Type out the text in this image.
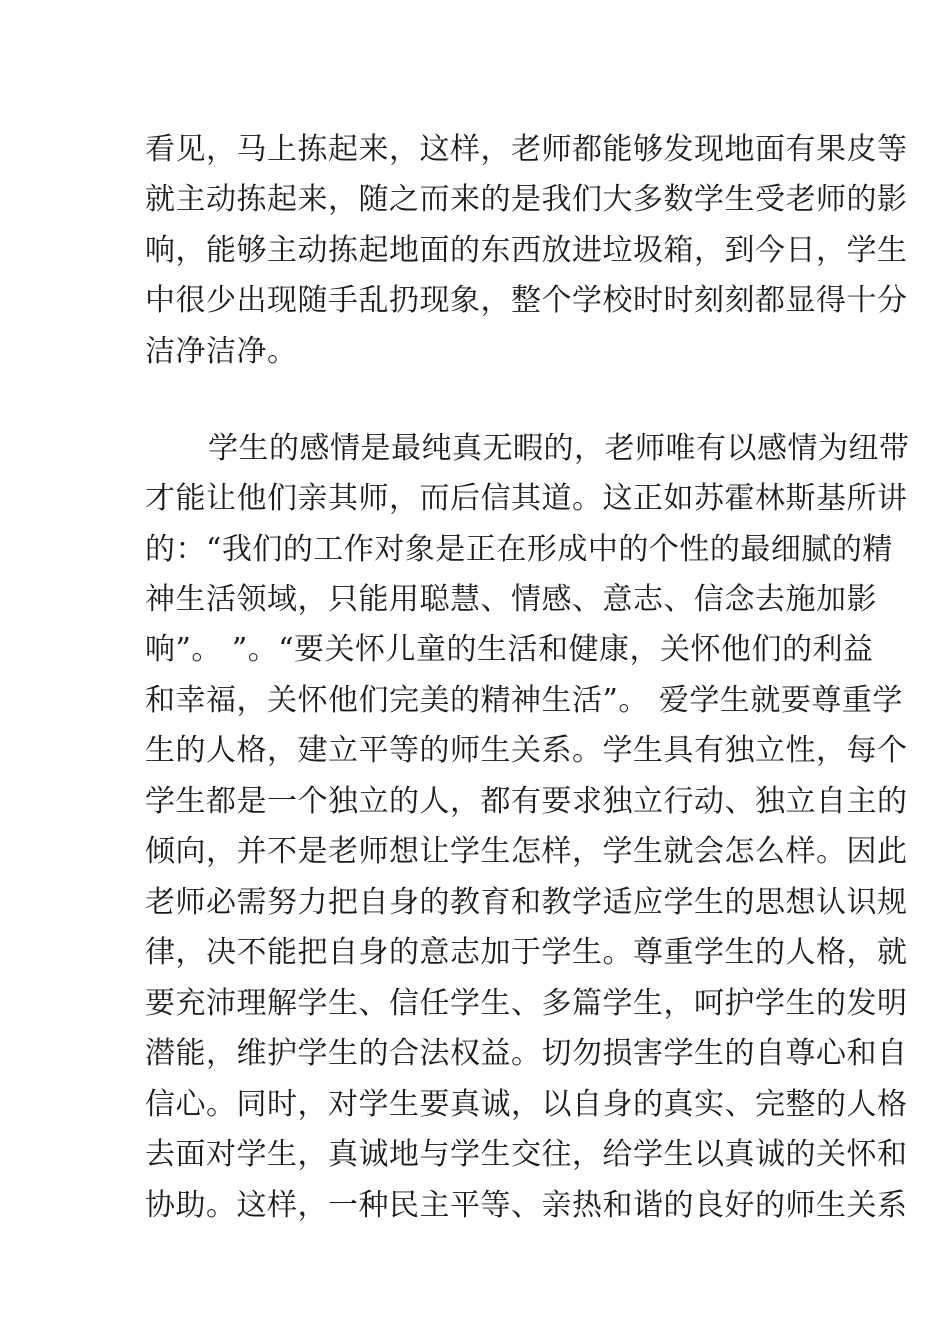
看见，马上拣起来，这样，老师都能够发现地面有果皮等
就主动拣起来，随之而来的是我们大多数学生受老师的影
响，能够主动拣起地面的东西放进垃圾箱，到今日，学生
中很少出现随手乱扔现象，整个学校时时刻刻都显得十分
洁净洁净。
学生的感情是最纯真无暇的，老师唯有以感情为纽带
才能让他们亲其师，而后信其道。这正如苏霍林斯基所讲
的：“我们的工作对象是正在形成中的个性的最细腻的精
神生活领域，只能用聪慧、情感、意志、信念去施加影
响”。 ”。“要关怀儿童的生活和健康，关怀他们的利益
和幸福，关怀他们完美的精神生活”。 爱学生就要尊重学
生的人格，建立平等的师生关系。学生具有独立性，每个
学生都是一个独立的人，都有要求独立行动、独立自主的
倾向，并不是老师想让学生怎样，学生就会怎么样。因此
老师必需努力把自身的教育和教学适应学生的思想认识规
律，决不能把自身的意志加于学生。尊重学生的人格，就
要充沛理解学生、信任学生、多篇学生，呵护学生的发明
潜能，维护学生的合法权益。切勿损害学生的自尊心和自
信心。同时，对学生要真诚，以自身的真实、完整的人格
去面对学生，真诚地与学生交往，给学生以真诚的关怀和
协助。这样，一种民主平等、亲热和谐的良好的师生关系
